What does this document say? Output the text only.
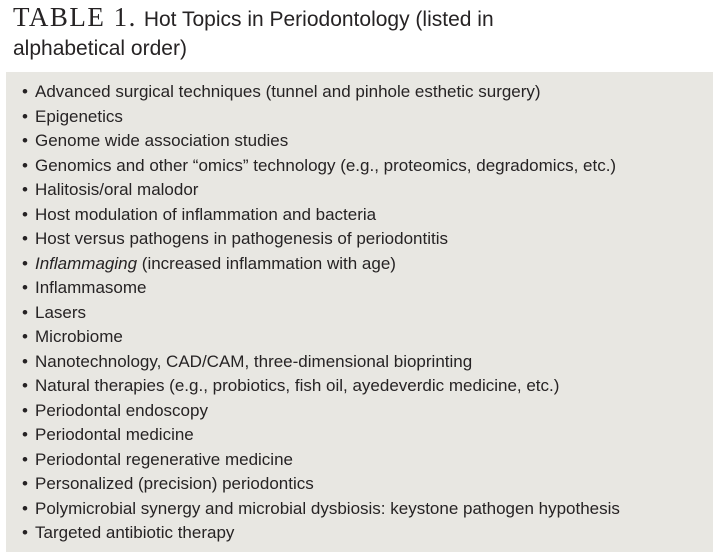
TABLE 1. Hot Topics in Periodontology (listed in
alphabetical order)
• Advanced surgical techniques (tunnel and pinhole esthetic surgery)
• Epigenetics
• Genome wide association studies
• Genomics and other “omics” technology (e.g., proteomics, degradomics, etc.)
• Halitosis/oral malodor
• Host modulation of inflammation and bacteria
• Host versus pathogens in pathogenesis of periodontitis
• Inflammaging (increased inflammation with age)
• Inflammasome
• Lasers
• Microbiome
• Nanotechnology, CAD/CAM, three-dimensional bioprinting
• Natural therapies (e.g., probiotics, fish oil, ayedeverdic medicine, etc.)
• Periodontal endoscopy
• Periodontal medicine
• Periodontal regenerative medicine
• Personalized (precision) periodontics
• Polymicrobial synergy and microbial dysbiosis: keystone pathogen hypothesis
• Targeted antibiotic therapy
